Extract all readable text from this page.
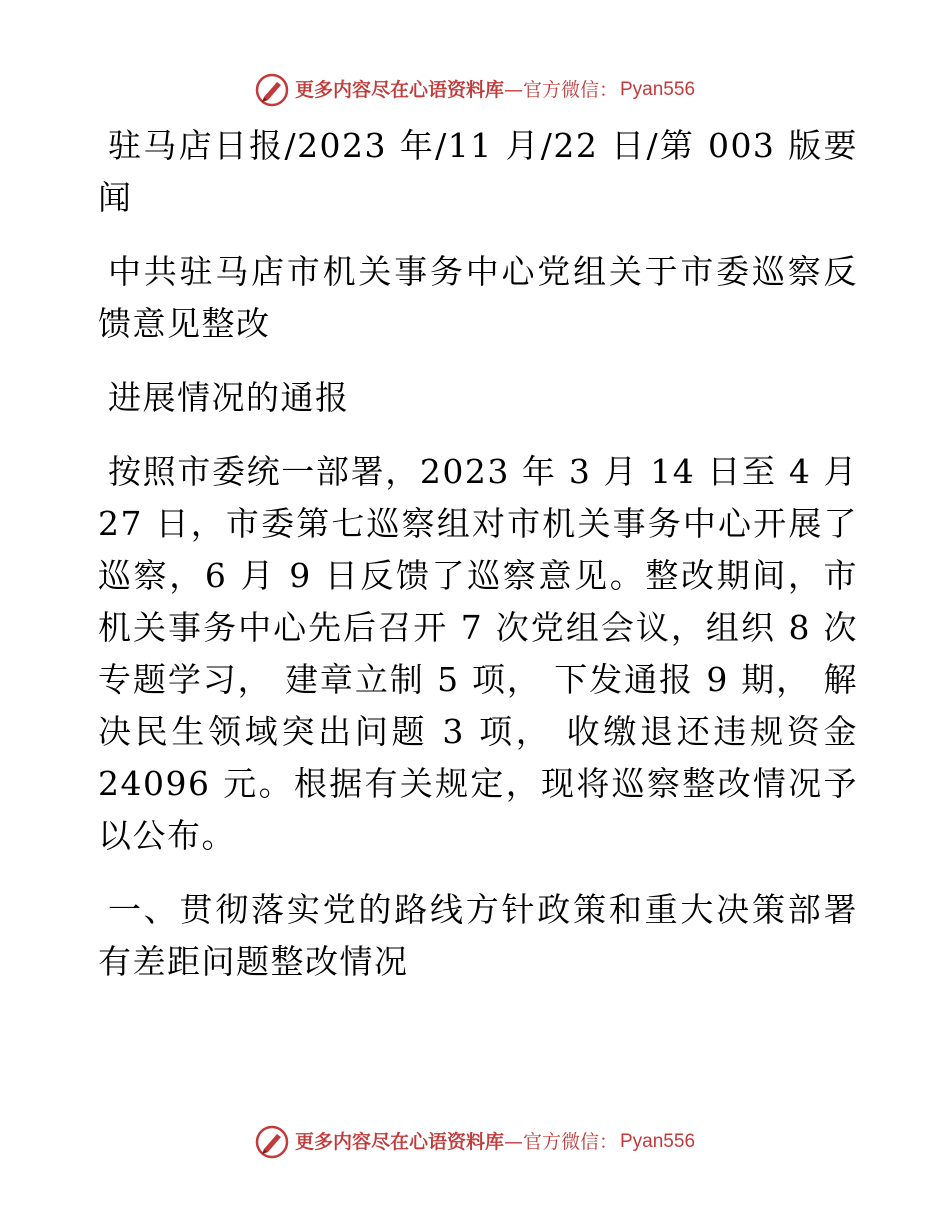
更多内容尽在心语资料库 — 官方微信： Pyan556

驻马店日报/2023 年/11 月/22 日/第 003 版要闻

中共驻马店市机关事务中心党组关于市委巡察反馈意见整改

进展情况的通报

按照市委统一部署，2023 年 3 月 14 日至 4 月 27 日，市委第七巡察组对市机关事务中心开展了巡察，6 月 9 日反馈了巡察意见。整改期间，市机关事务中心先后召开 7 次党组会议，组织 8 次专题学习， 建章立制 5 项， 下发通报 9 期， 解决民生领域突出问题 3 项， 收缴退还违规资金 24096 元。根据有关规定，现将巡察整改情况予以公布。

一、贯彻落实党的路线方针政策和重大决策部署有差距问题整改情况

更多内容尽在心语资料库 — 官方微信： Pyan556
